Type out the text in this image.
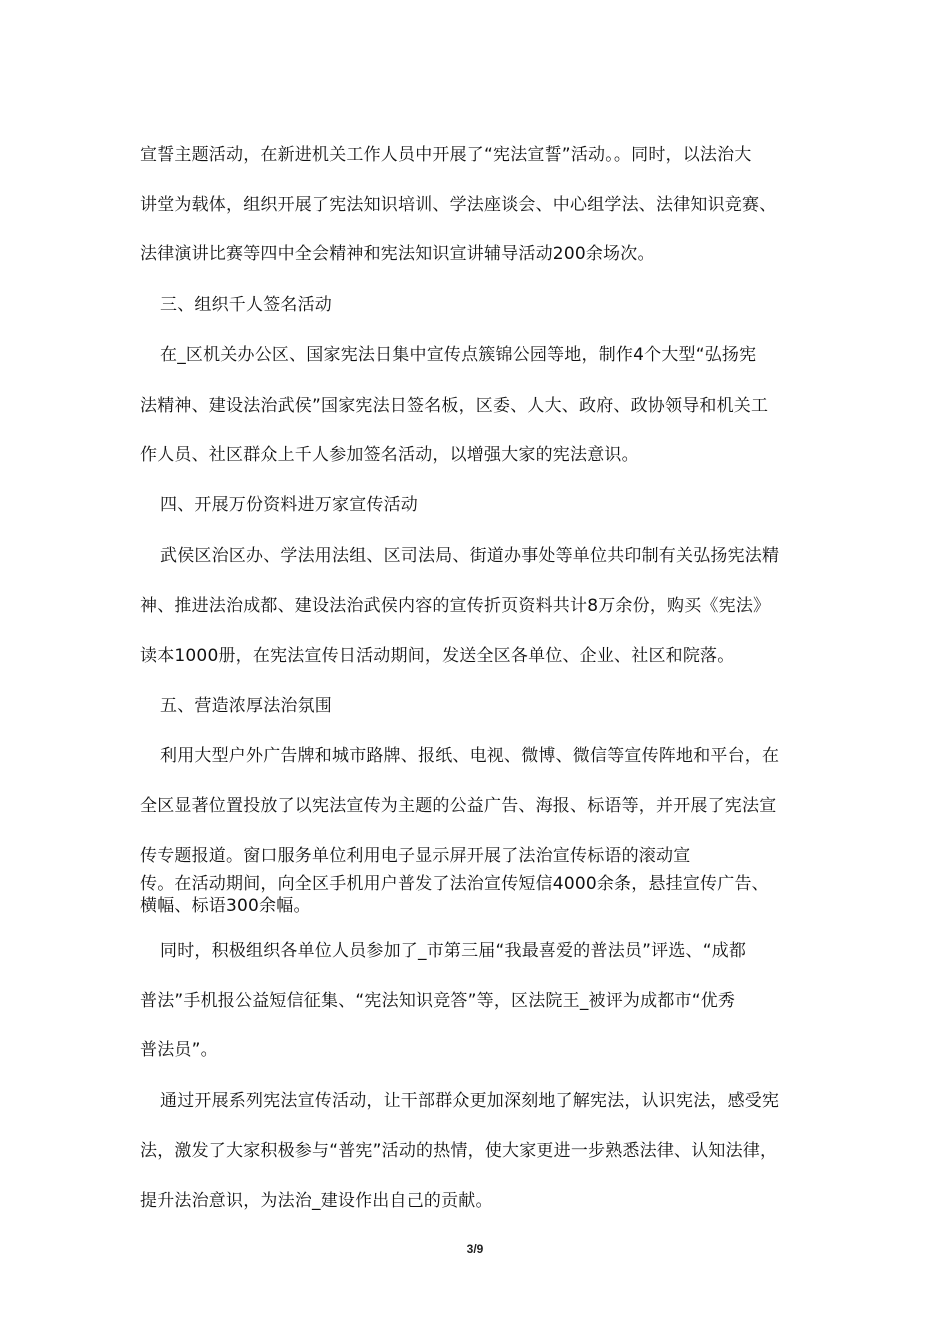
宣誓主题活动，在新进机关工作人员中开展了“宪法宣誓”活动。。同时，以法治大
讲堂为载体，组织开展了宪法知识培训、学法座谈会、中心组学法、法律知识竞赛、
法律演讲比赛等四中全会精神和宪法知识宣讲辅导活动200余场次。
三、组织千人签名活动
在_区机关办公区、国家宪法日集中宣传点簇锦公园等地，制作4个大型“弘扬宪
法精神、建设法治武侯”国家宪法日签名板，区委、人大、政府、政协领导和机关工
作人员、社区群众上千人参加签名活动，以增强大家的宪法意识。
四、开展万份资料进万家宣传活动
武侯区治区办、学法用法组、区司法局、街道办事处等单位共印制有关弘扬宪法精
神、推进法治成都、建设法治武侯内容的宣传折页资料共计8万余份，购买《宪法》
读本1000册，在宪法宣传日活动期间，发送全区各单位、企业、社区和院落。
五、营造浓厚法治氛围
利用大型户外广告牌和城市路牌、报纸、电视、微博、微信等宣传阵地和平台，在
全区显著位置投放了以宪法宣传为主题的公益广告、海报、标语等，并开展了宪法宣
传专题报道。窗口服务单位利用电子显示屏开展了法治宣传标语的滚动宣
传。在活动期间，向全区手机用户普发了法治宣传短信4000余条，悬挂宣传广告、
横幅、标语300余幅。
同时，积极组织各单位人员参加了_市第三届“我最喜爱的普法员”评选、“成都
普法”手机报公益短信征集、“宪法知识竞答”等，区法院王_被评为成都市“优秀
普法员”。
通过开展系列宪法宣传活动，让干部群众更加深刻地了解宪法，认识宪法，感受宪
法，激发了大家积极参与“普宪”活动的热情，使大家更进一步熟悉法律、认知法律，
提升法治意识，为法治_建设作出自己的贡献。
3/9
